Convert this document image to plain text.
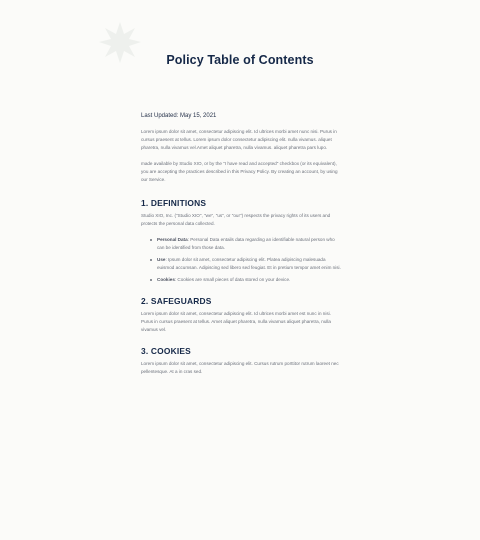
Policy Table of Contents
Last Updated: May 15, 2021

Lorem ipsum dolor sit amet, consectetur adipiscing elit. Id ultrices morbi amet nunc nisi. Purus in cursus praesent at tellus. Lorem ipsum dolor consectetur adipiscing elit. nulla vivamus. aliquet pharetra, nulla vivamus vel.Amet aliquet pharetra, nulla vivamus. aliquet pharetra pars lupo.

made available by Studio XIO, or by the "I have read and accepted" checkbox (or its equivalent), you are accepting the practices described in this Privacy Policy. By creating an account, by using our Service.

1. DEFINITIONS

Studio XIO, Inc. ("Studio XIO", "we", "us", or "our") respects the privacy rights of its users and protects the personal data collected.

Personal Data: Personal Data entails data regarding an identifiable natural person who can be identified from those data.
Use: Ipsum dolor sit amet, consectetur adipiscing elit. Platea adipiscing malesuada euismod accumsan. Adipiscing sed libero sed feugiat. Et in pretium tempor amet enim nisi.
Cookies: Cookies are small pieces of data stored on your device.
2. SAFEGUARDS

Lorem ipsum dolor sit amet, consectetur adipiscing elit. Id ultrices morbi amet est nunc in nisi. Purus in cursus praesent at tellus. Amet aliquet pharetra, nulla vivamus aliquet pharetra, nulla vivamus vel.

3. COOKIES

Lorem ipsum dolor sit amet, consectetur adipiscing elit. Cursus rutrum porttitor rutrum laoreet nec pellentesque. At a in cras sed.
